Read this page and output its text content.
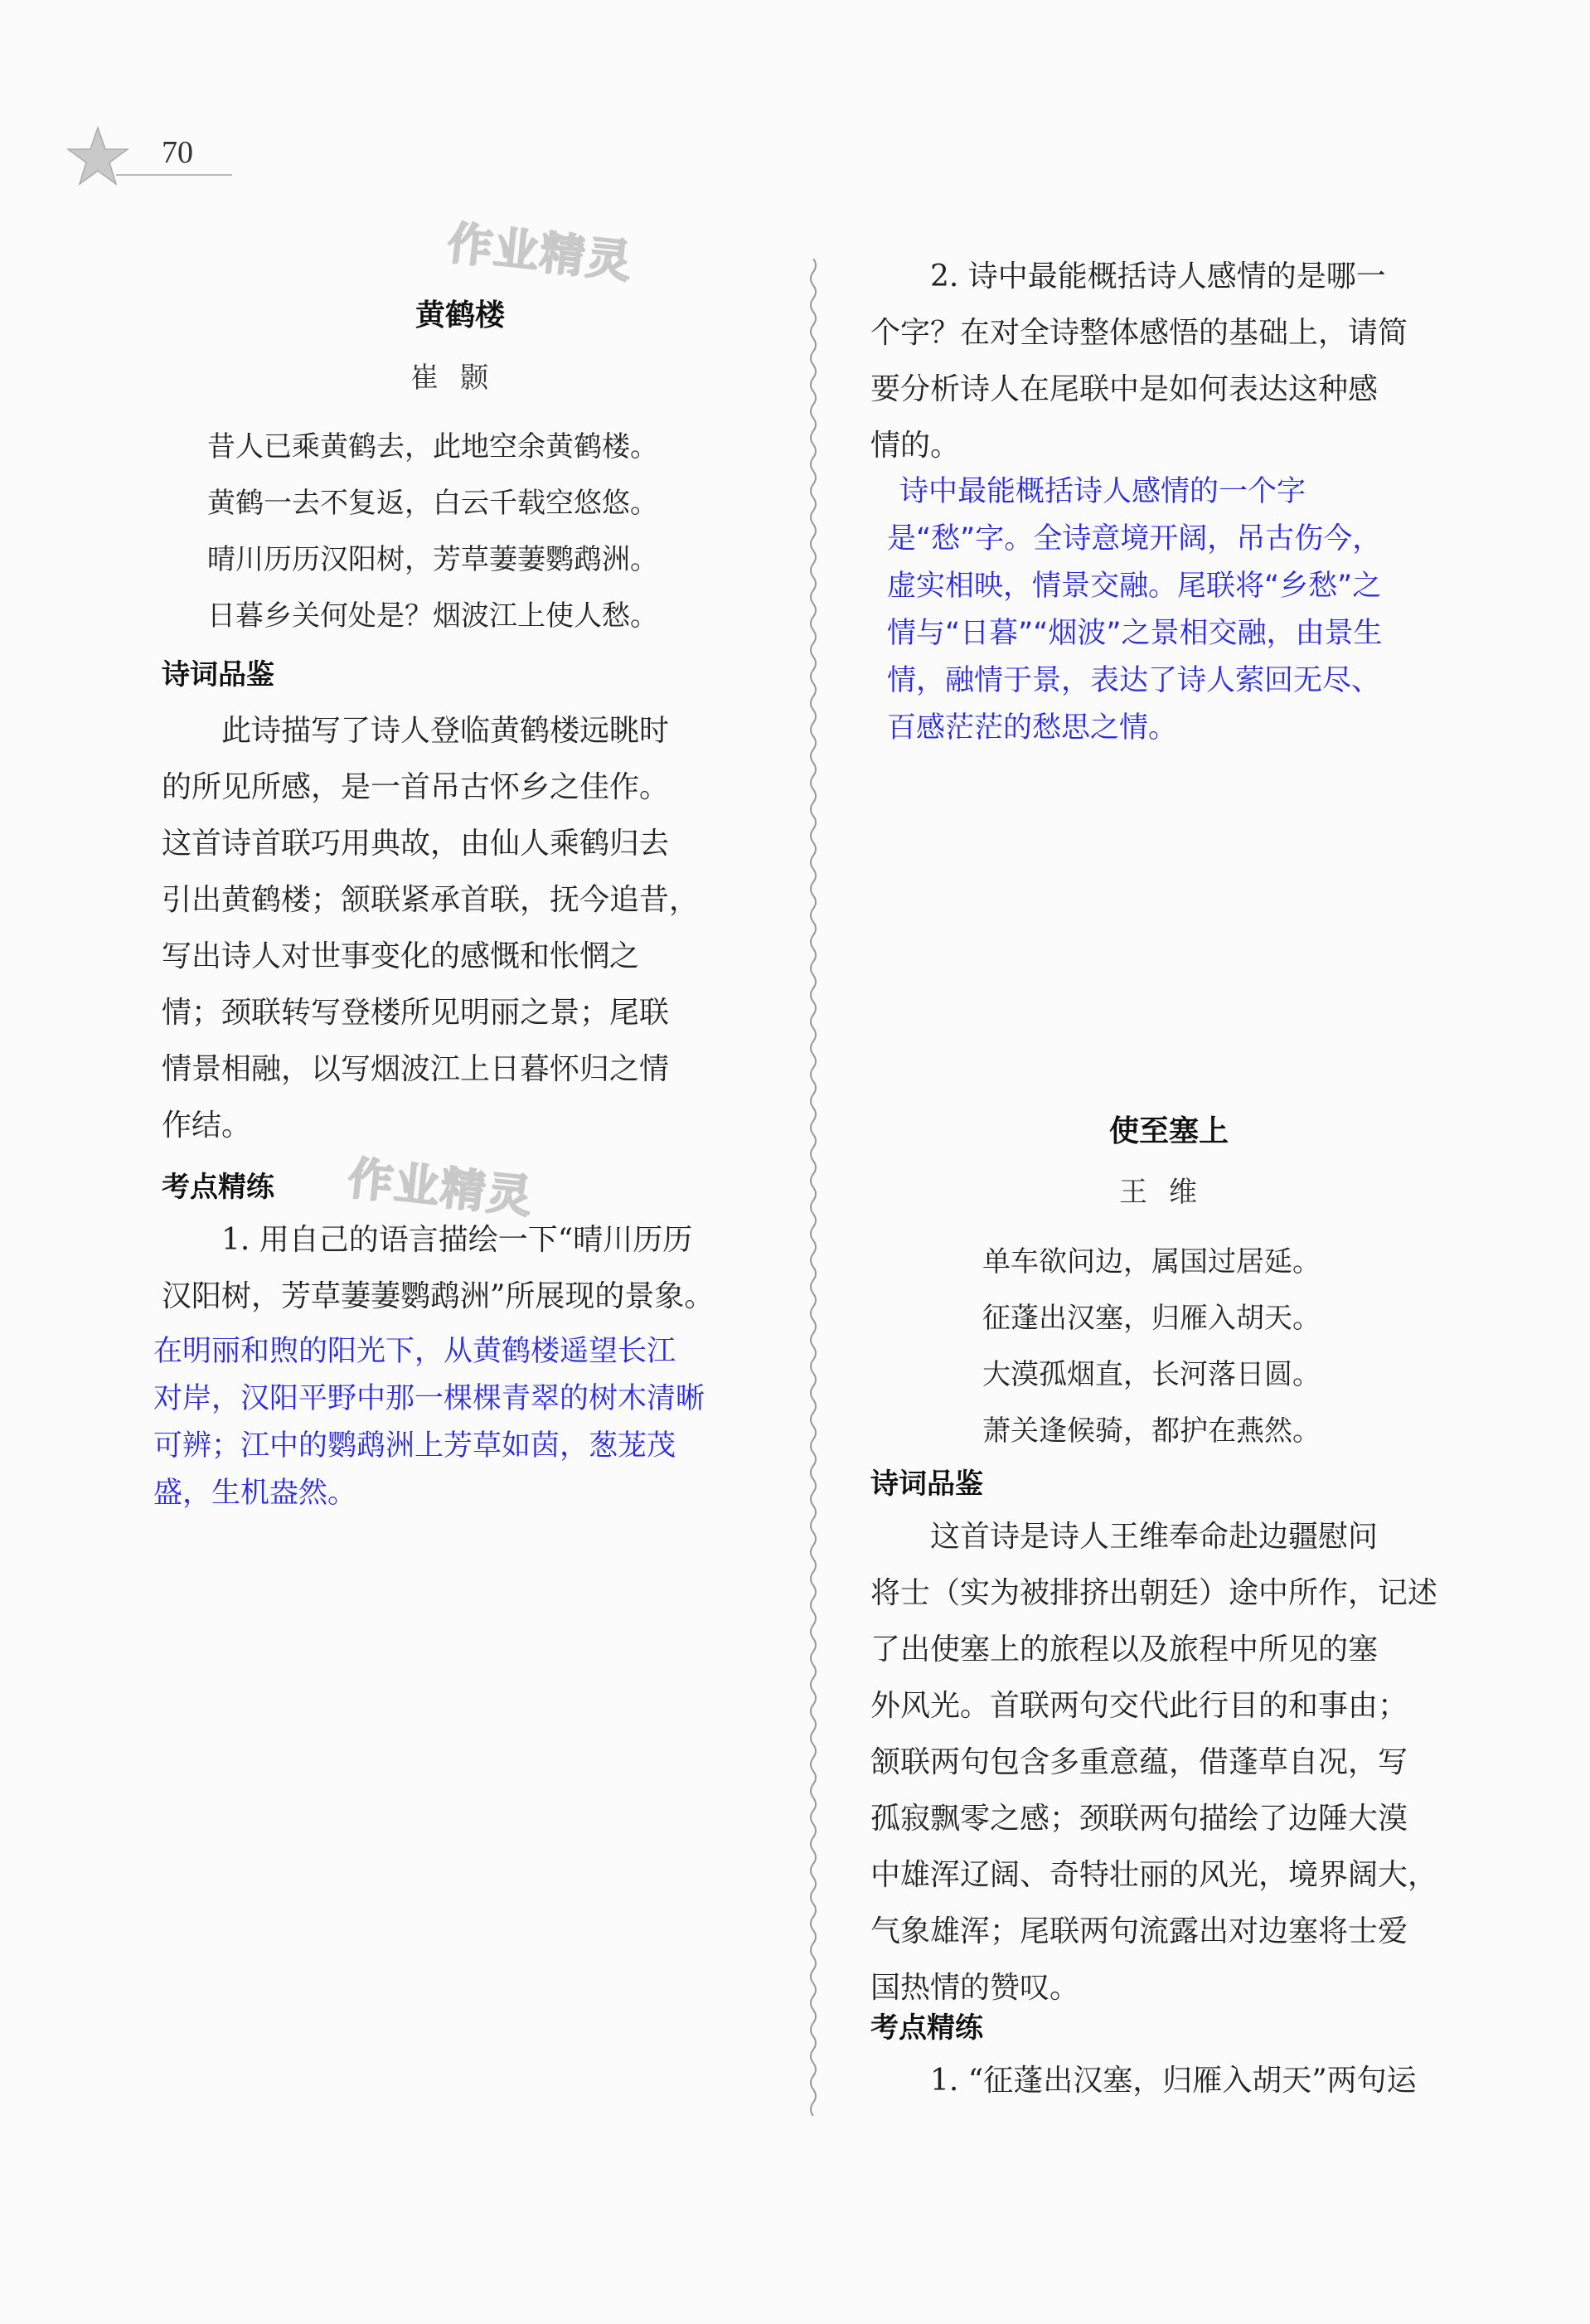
70
作业精灵
作业精灵
黄鹤楼
崔颢
昔人已乘黄鹤去，此地空余黄鹤楼。
黄鹤一去不复返，白云千载空悠悠。
晴川历历汉阳树，芳草萋萋鹦鹉洲。
日暮乡关何处是？烟波江上使人愁。
诗词品鉴
　　此诗描写了诗人登临黄鹤楼远眺时
的所见所感，是一首吊古怀乡之佳作。
这首诗首联巧用典故，由仙人乘鹤归去
引出黄鹤楼；颔联紧承首联，抚今追昔，
写出诗人对世事变化的感慨和怅惘之
情；颈联转写登楼所见明丽之景；尾联
情景相融，以写烟波江上日暮怀归之情
作结。
考点精练
　　1. 用自己的语言描绘一下“晴川历历
汉阳树，芳草萋萋鹦鹉洲”所展现的景象。
在明丽和煦的阳光下，从黄鹤楼遥望长江
对岸，汉阳平野中那一棵棵青翠的树木清晰
可辨；江中的鹦鹉洲上芳草如茵，葱茏茂
盛，生机盎然。
　　2. 诗中最能概括诗人感情的是哪一
个字？在对全诗整体感悟的基础上，请简
要分析诗人在尾联中是如何表达这种感
情的。
诗中最能概括诗人感情的一个字
是“愁”字。全诗意境开阔，吊古伤今，
虚实相映，情景交融。尾联将“乡愁”之
情与“日暮”“烟波”之景相交融，由景生
情，融情于景，表达了诗人萦回无尽、
百感茫茫的愁思之情。
使至塞上
王维
单车欲问边，属国过居延。
征蓬出汉塞，归雁入胡天。
大漠孤烟直，长河落日圆。
萧关逢候骑，都护在燕然。
诗词品鉴
　　这首诗是诗人王维奉命赴边疆慰问
将士（实为被排挤出朝廷）途中所作，记述
了出使塞上的旅程以及旅程中所见的塞
外风光。首联两句交代此行目的和事由；
颔联两句包含多重意蕴，借蓬草自况，写
孤寂飘零之感；颈联两句描绘了边陲大漠
中雄浑辽阔、奇特壮丽的风光，境界阔大，
气象雄浑；尾联两句流露出对边塞将士爱
国热情的赞叹。
考点精练
　　1. “征蓬出汉塞，归雁入胡天”两句运
